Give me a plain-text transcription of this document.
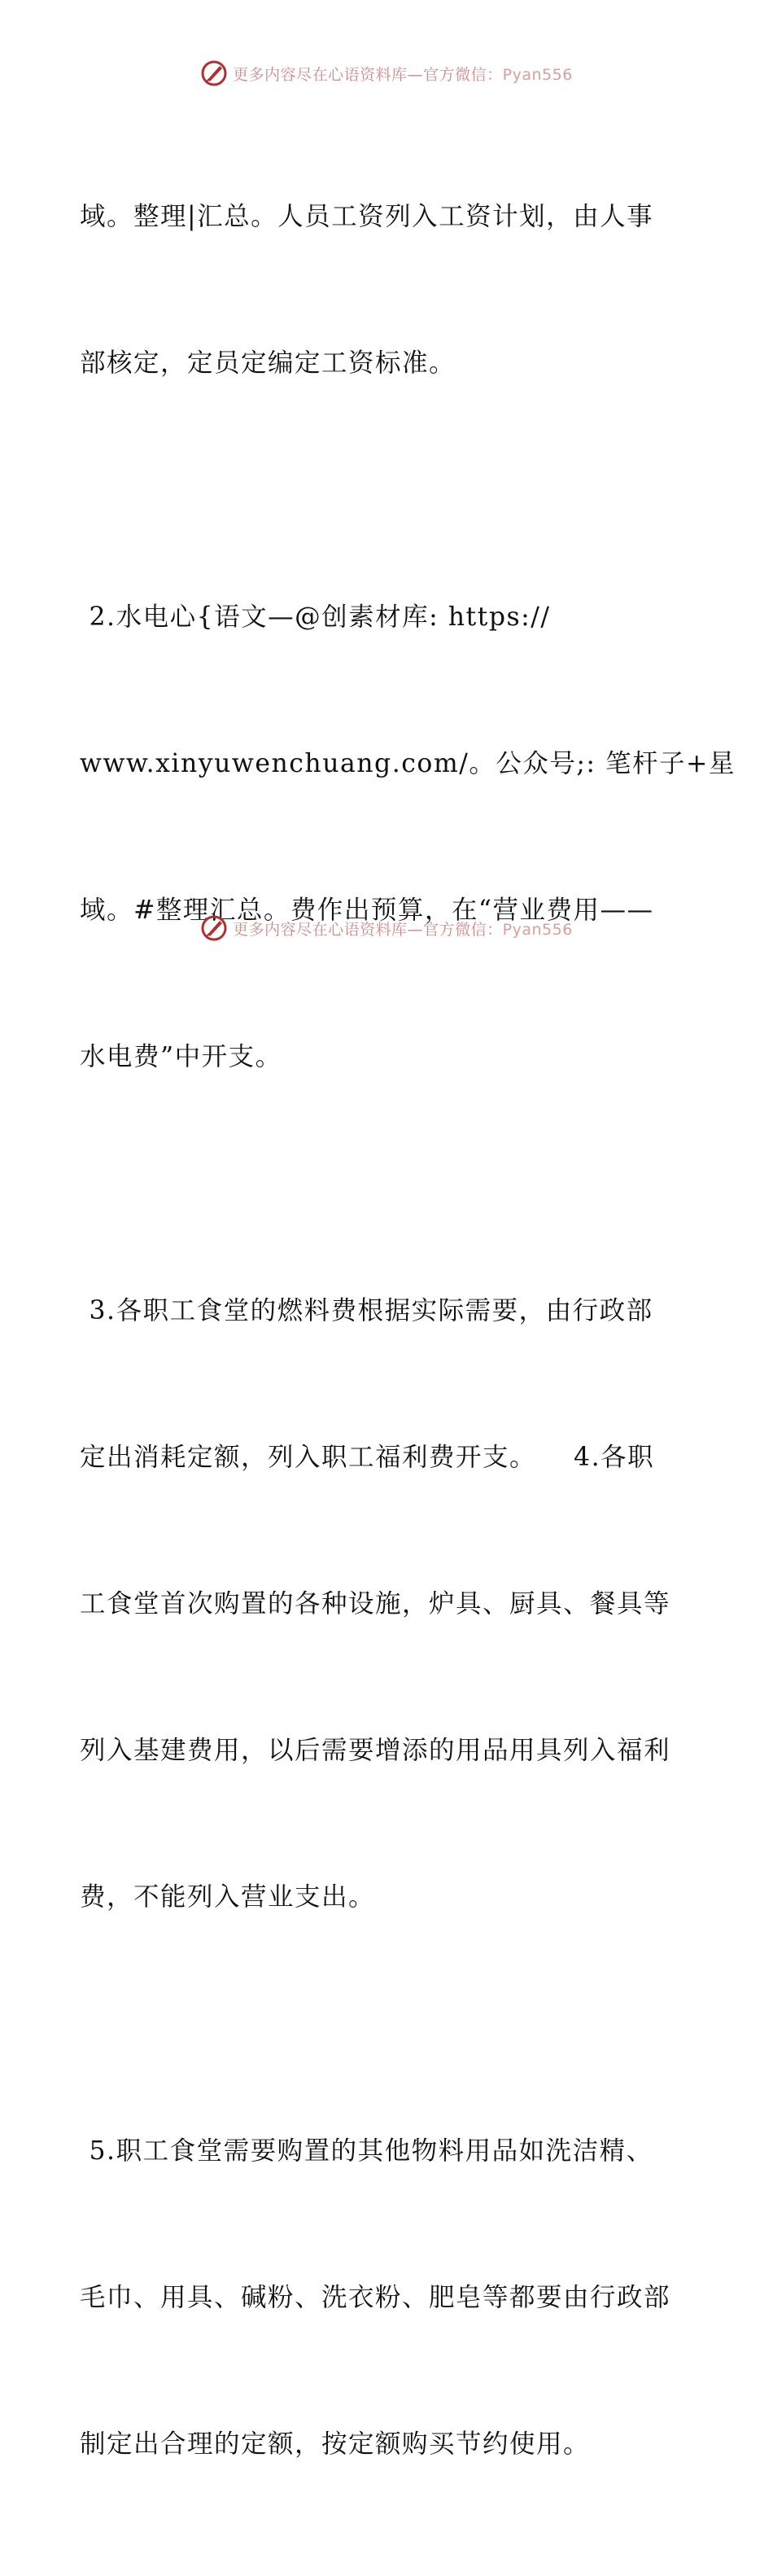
更多内容尽在心语资料库—官方微信：Pyan556

域。整理|汇总。人员工资列入工资计划，由人事

部核定，定员定编定工资标准。

2.水电心{语文—@创素材库: https://

www.xinyuwenchuang.com/。公众号;: 笔杆子+星

域。#整理汇总。费作出预算，在“营业费用——

水电费”中开支。

3.各职工食堂的燃料费根据实际需要，由行政部

定出消耗定额，列入职工福利费开支。    4.各职

工食堂首次购置的各种设施，炉具、厨具、餐具等

列入基建费用，以后需要增添的用品用具列入福利

费，不能列入营业支出。

5.职工食堂需要购置的其他物料用品如洗洁精、

毛巾、用具、碱粉、洗衣粉、肥皂等都要由行政部

制定出合理的定额，按定额购买节约使用。

更多内容尽在心语资料库—官方微信：Pyan556
